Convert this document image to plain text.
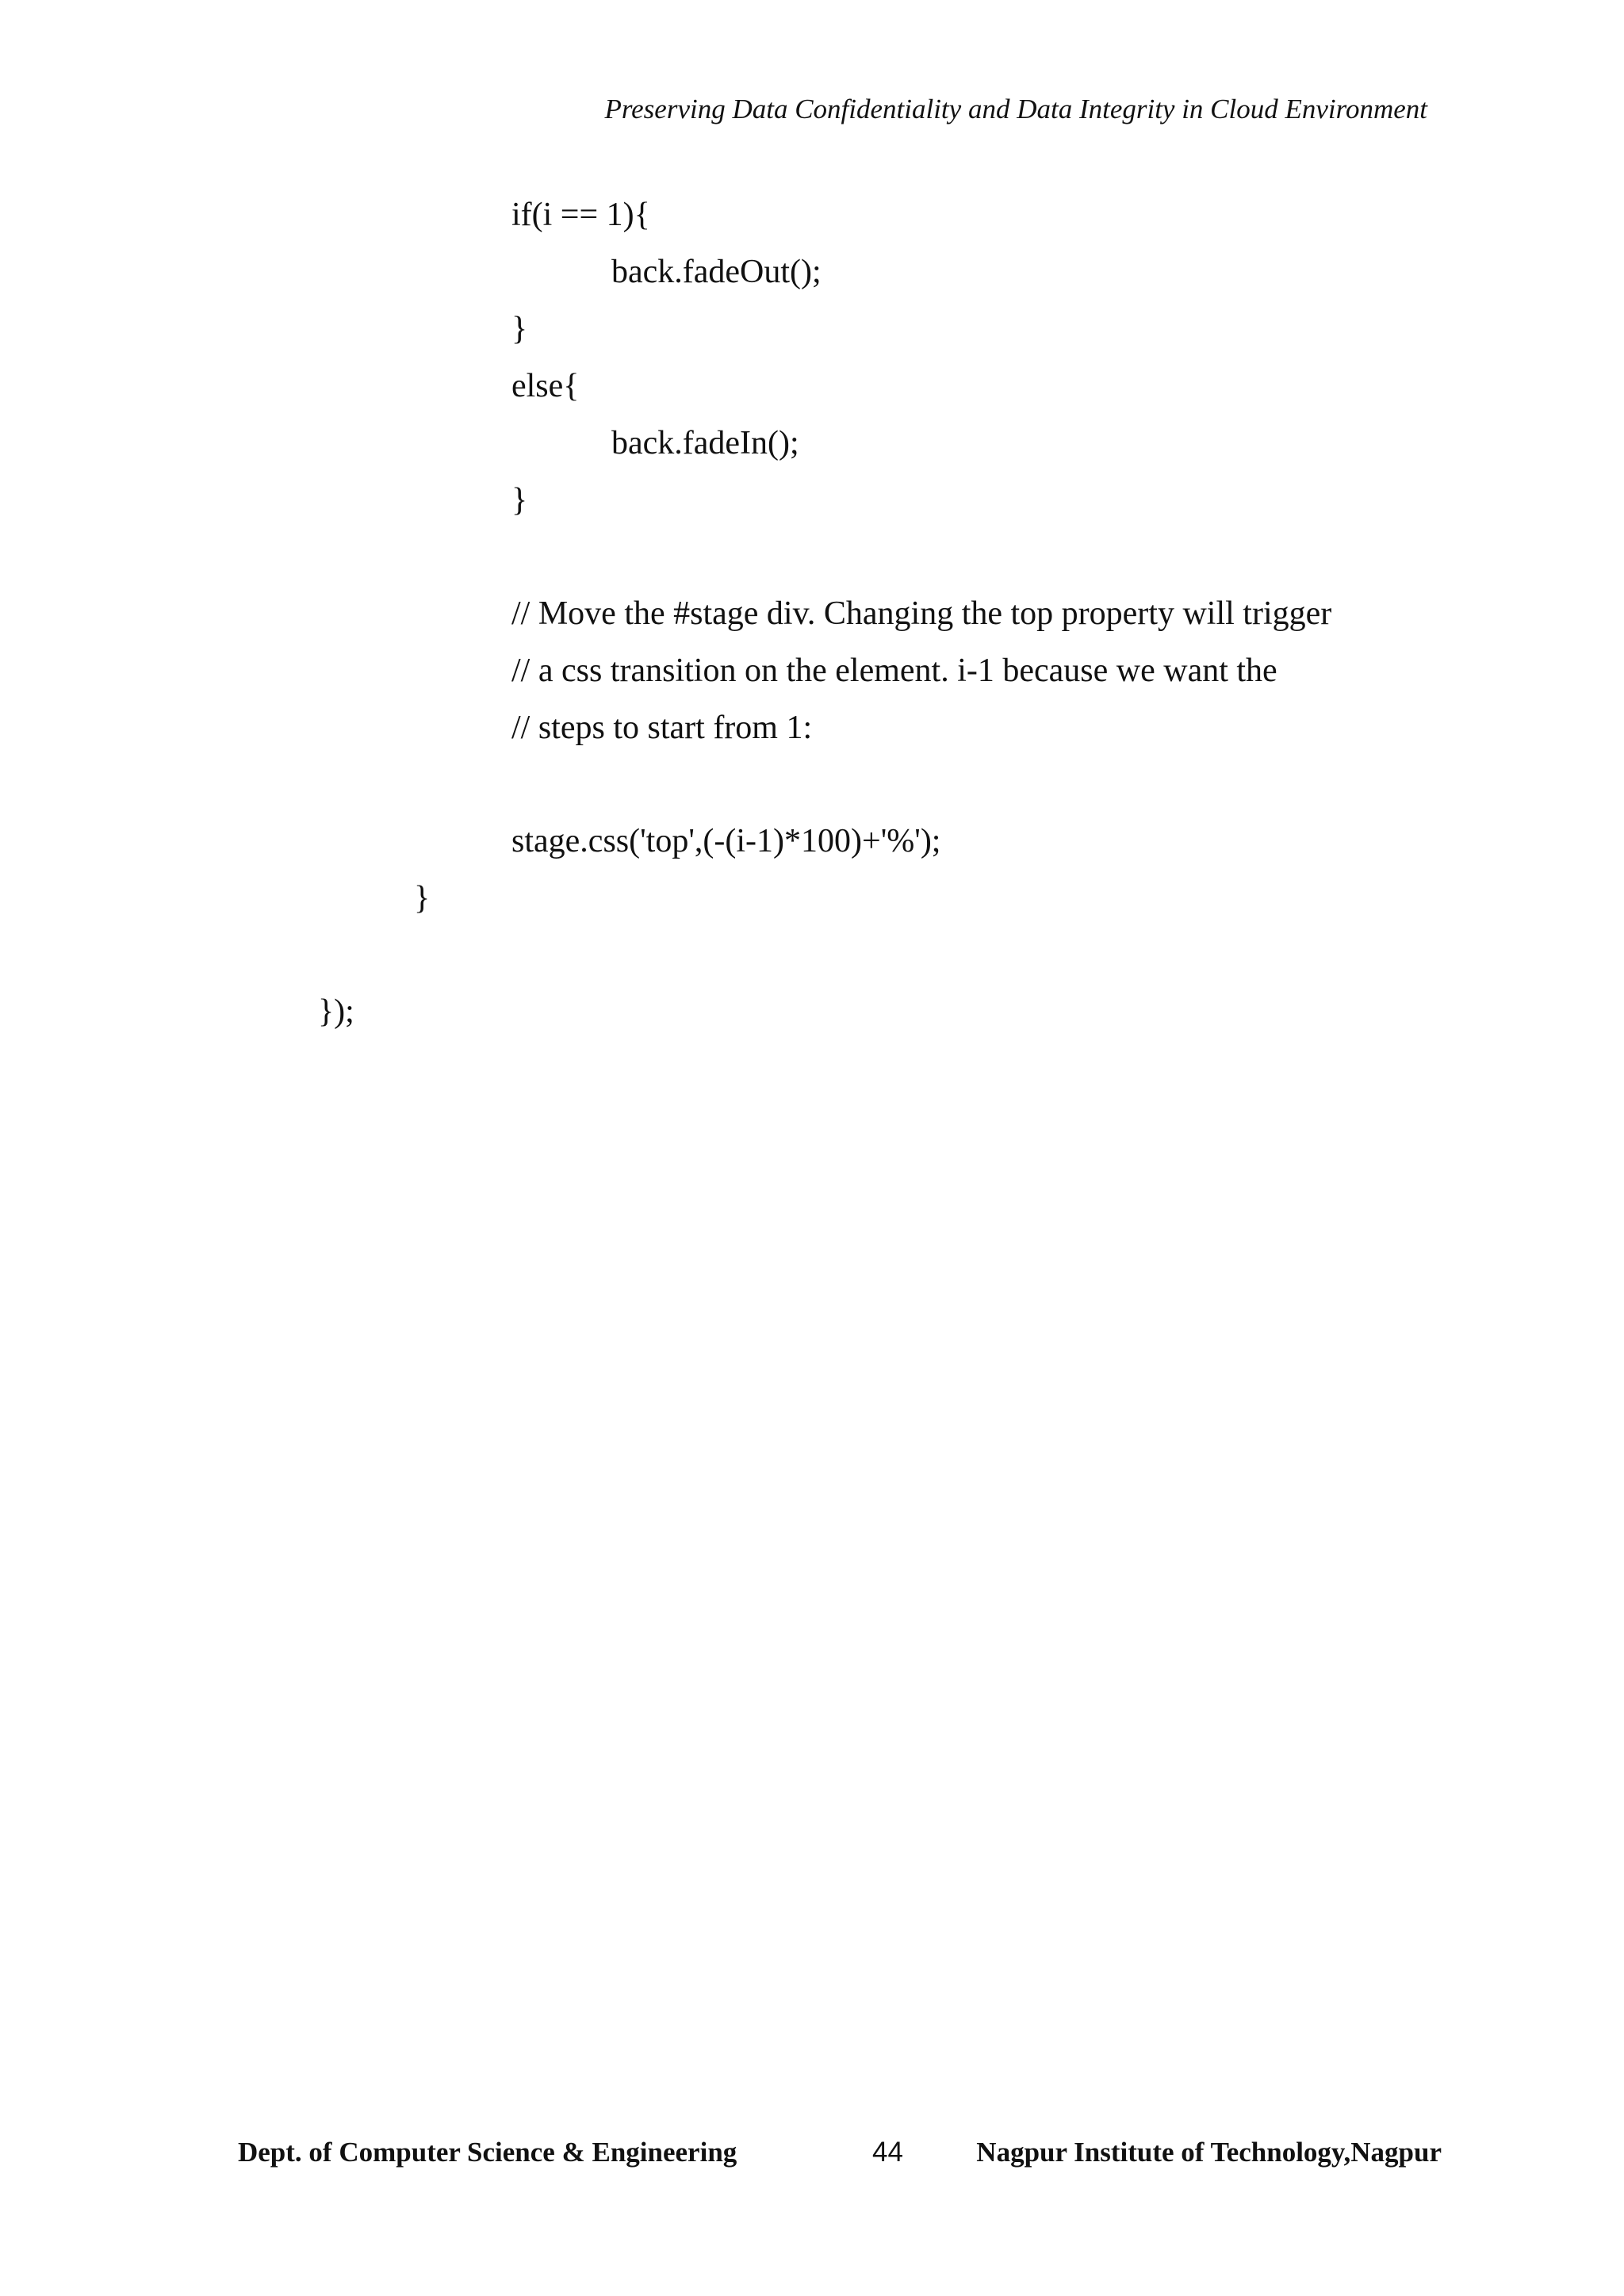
Preserving Data Confidentiality and Data Integrity in Cloud Environment
if(i == 1){
back.fadeOut();
}
else{
back.fadeIn();
}
// Move the #stage div. Changing the top property will trigger
// a css transition on the element. i-1 because we want the
// steps to start from 1:
stage.css('top',(-(i-1)*100)+'%');
}
});
Dept. of Computer Science & Engineering	44	Nagpur Institute of Technology,Nagpur
